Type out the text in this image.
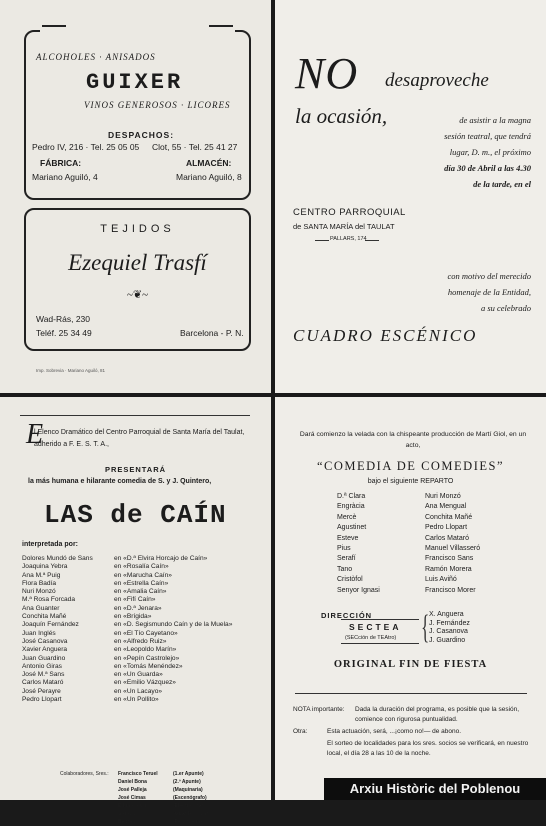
ALCOHOLES · ANISADOS
GUIXER
VINOS GENEROSOS · LICORES
DESPACHOS:
Pedro IV, 216 · Tel. 25 05 05 Clot, 55 · Tel. 25 41 27
FÁBRICA:	ALMACÉN:
Mariano Aguiló, 4	Mariano Aguiló, 8
TEJIDOS
Ezequiel Trasfí
~❦~
Wad-Rás, 230
Teléf. 25 34 49	Barcelona - P. N.
Imp. Sobrevia · Mariano Aguiló, 81
NO desaproveche
la ocasión,	de asistir a la magna
sesión teatral, que tendrá
lugar, D. m., el próximo
día 30 de Abril a las 4.30
de la tarde, en el
CENTRO PARROQUIAL
de SANTA MARÍA del TAULAT
PALLARS, 174
con motivo del merecido
homenaje de la Entidad,
a su celebrado
CUADRO ESCÉNICO
E
l Elenco Dramático del Centro Parroquial de Santa María del Taulat, adherido a F. E. S. T. A.,
PRESENTARÁ
la más humana e hilarante comedia de S. y J. Quintero,
LAS de CAÍN
interpretada por:
Dolores Mundó de Sans	en «D.ª Elvira Horcajo de Caín»
Joaquina Yebra	en «Rosalía Caín»
Ana M.ª Puig	en «Marucha Caín»
Flora Badía	en «Estrella Caín»
Nuri Monzó	en «Amalia Caín»
M.ª Rosa Forcada	en «Fifí Caín»
Ana Guanter	en «D.ª Jenara»
Conchita Mañé	en «Brígida»
Joaquín Fernández	en «D. Segismundo Caín y de la Muela»
Juan Inglés	en «El Tío Cayetano»
José Casanova	en «Alfredo Ruiz»
Xavier Anguera	en «Leopoldo Marín»
Juan Guardino	en «Pepín Castrolejo»
Antonio Giras	en «Tomás Menéndez»
José M.ª Sans	en «Un Guarda»
Carlos Mataró	en «Emilio Vázquez»
José Perayre	en «Un Lacayo»
Pedro Llopart	en «Un Pollito»
Colaboradores, Sres.: Francisco Teruel	(1.er Apunte)
Daniel Bona	(2.º Apunte)
José Palleja	(Maquinaria)
José Cimas	(Escenógrafo)
Eduardo Cid	(Electricista)
Gamundi	(Guardarropía)
Beltrán	(Peluquería)
Dará comienzo la velada con la chispeante producción de Martí Giol, en un acto,
“COMEDIA DE COMEDIES”
bajo el siguiente REPARTO
D.ª Clara	Nuri Monzó
Engràcia	Ana Mengual
Mercè	Conchita Mañé
Agustinet	Pedro Llopart
Esteve	Carlos Mataró
Pius	Manuel Villasseró
Serafí	Francisco Sans
Tano	Ramón Morera
Cristòfol	Luis Aviñó
Senyor Ignasi	Francisco Morer
DIRECCIÓN
SECTEA
(SECción de TEAtro) { X. Anguera
J. Fernández
J. Casanova
J. Guardino
ORIGINAL FIN DE FIESTA
NOTA importante:	Dada la duración del programa, es posible que la sesión, comience con rigurosa puntualidad.
Otra:	Esta actuación, será, ...¡como no!— de abono.
El sorteo de localidades para los sres. socios se verificará, en nuestro local, el día 28 a las 10 de la noche.
Arxiu Històric del Poblenou
